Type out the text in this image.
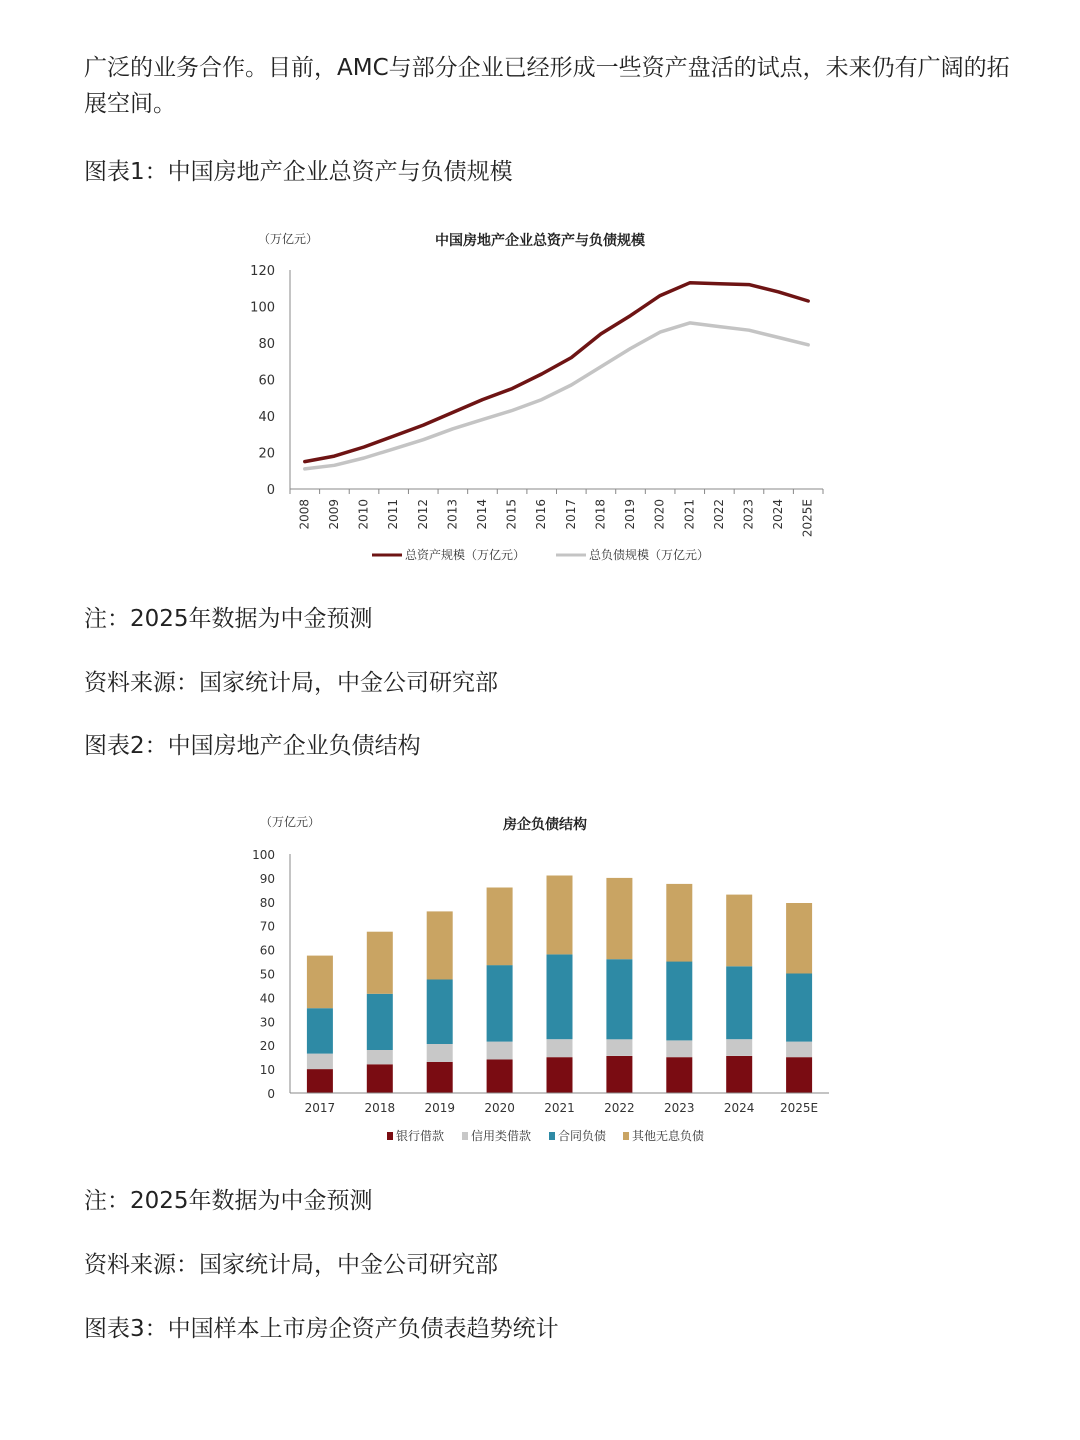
广泛的业务合作。目前，AMC与部分企业已经形成一些资产盘活的试点，未来仍有广阔的拓展空间。

图表1：中国房地产企业总资产与负债规模

（万亿元）	中国房地产企业总资产与负债规模
0
20
40
60
80
100
120
2008 2009 2010 2011 2012 2013 2014 2015 2016 2017 2018 2019 2020 2021 2022 2023 2024 2025E
总资产规模（万亿元）	总负债规模（万亿元）

注：2025年数据为中金预测

资料来源：国家统计局，中金公司研究部

图表2：中国房地产企业负债结构

（万亿元）	房企负债结构
0
10
20
30
40
50
60
70
80
90
100
2017 2018 2019 2020 2021 2022 2023 2024 2025E
银行借款 信用类借款 合同负债 其他无息负债

注：2025年数据为中金预测

资料来源：国家统计局，中金公司研究部

图表3：中国样本上市房企资产负债表趋势统计
